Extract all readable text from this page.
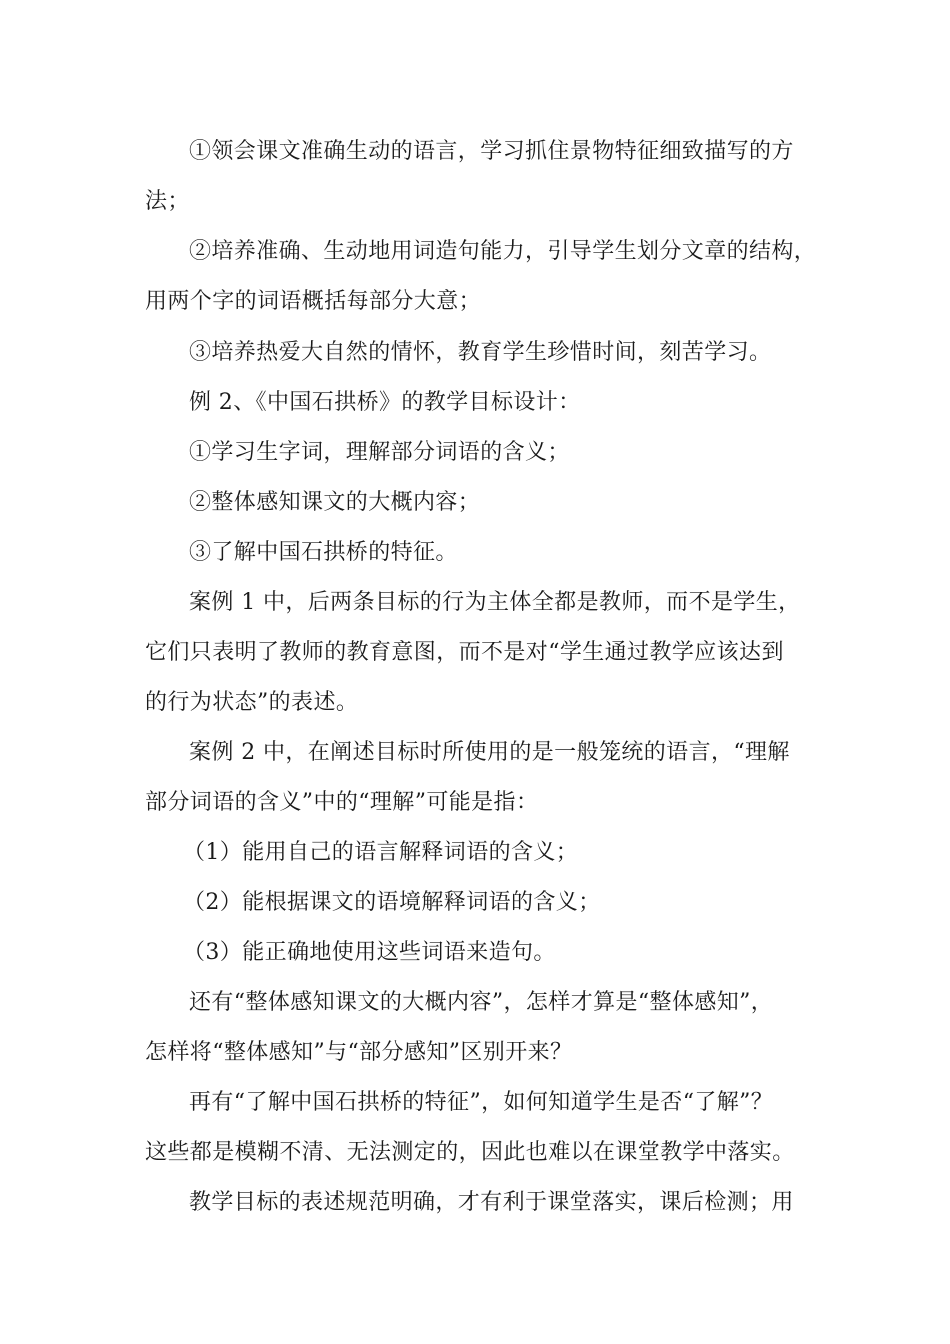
①领会课文准确生动的语言，学习抓住景物特征细致描写的方
法；
②培养准确、生动地用词造句能力，引导学生划分文章的结构，
用两个字的词语概括每部分大意；
③培养热爱大自然的情怀，教育学生珍惜时间，刻苦学习。
例 2、《中国石拱桥》的教学目标设计：
①学习生字词，理解部分词语的含义；
②整体感知课文的大概内容；
③了解中国石拱桥的特征。
案例 1 中，后两条目标的行为主体全都是教师，而不是学生，
它们只表明了教师的教育意图，而不是对“学生通过教学应该达到
的行为状态”的表述。
案例 2 中，在阐述目标时所使用的是一般笼统的语言，“理解
部分词语的含义”中的“理解”可能是指：
（1）能用自己的语言解释词语的含义；
（2）能根据课文的语境解释词语的含义；
（3）能正确地使用这些词语来造句。
还有“整体感知课文的大概内容”，怎样才算是“整体感知”，
怎样将“整体感知”与“部分感知”区别开来？
再有“了解中国石拱桥的特征”，如何知道学生是否“了解”？
这些都是模糊不清、无法测定的，因此也难以在课堂教学中落实。
教学目标的表述规范明确，才有利于课堂落实，课后检测；用
